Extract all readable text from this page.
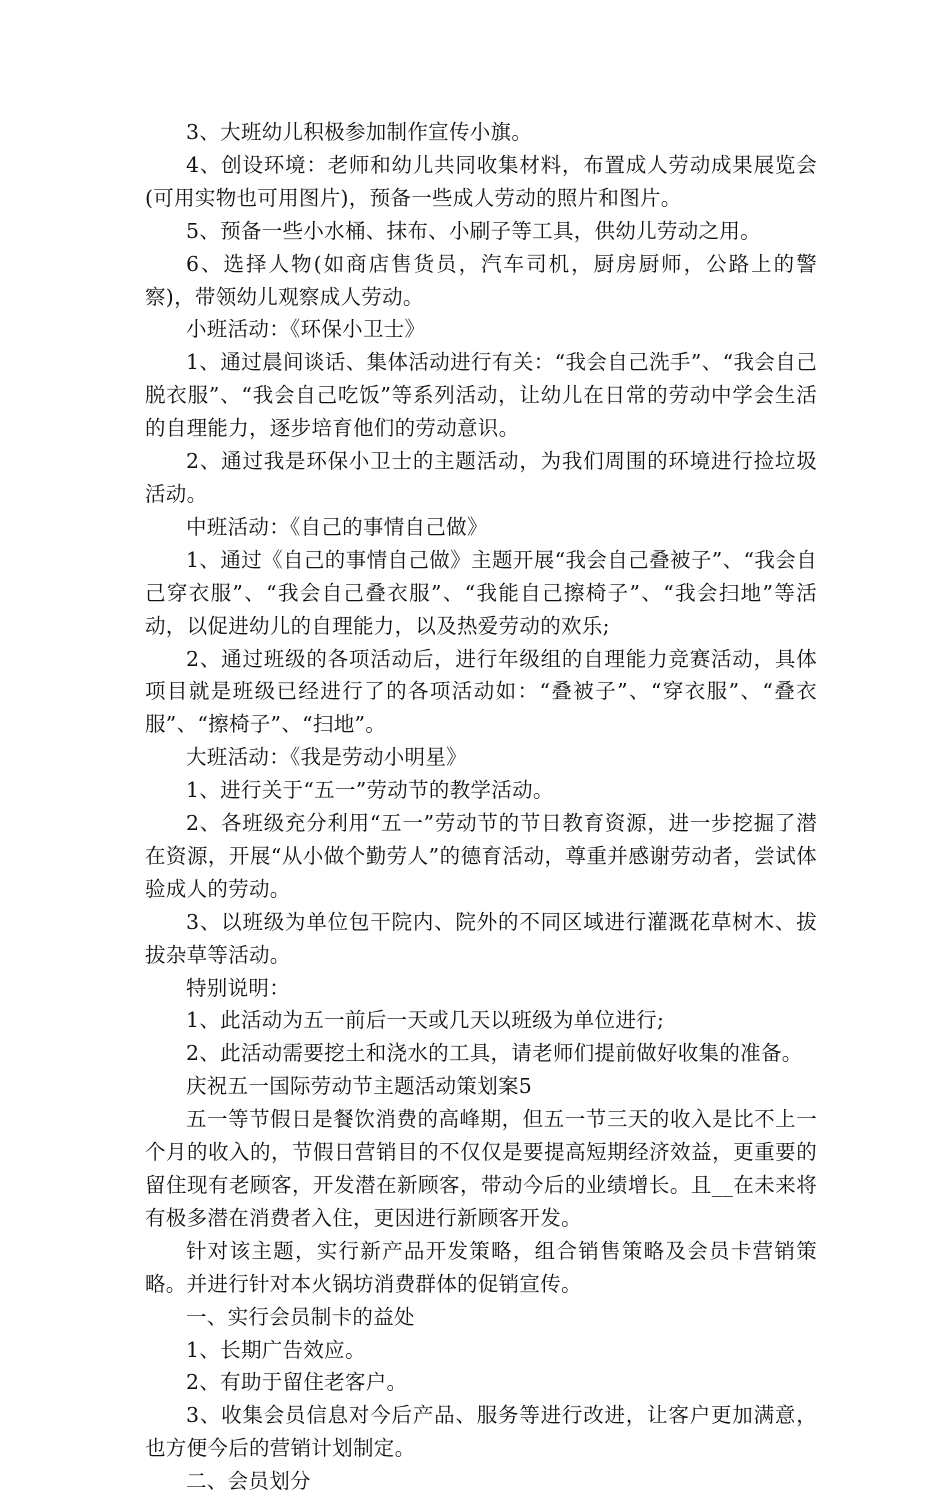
3、大班幼儿积极参加制作宣传小旗。

4、创设环境：老师和幼儿共同收集材料，布置成人劳动成果展览会(可用实物也可用图片)，预备一些成人劳动的照片和图片。

5、预备一些小水桶、抹布、小刷子等工具，供幼儿劳动之用。

6、选择人物(如商店售货员，汽车司机，厨房厨师，公路上的警察)，带领幼儿观察成人劳动。

小班活动：《环保小卫士》

1、通过晨间谈话、集体活动进行有关：“我会自己洗手”、“我会自己脱衣服”、“我会自己吃饭”等系列活动，让幼儿在日常的劳动中学会生活的自理能力，逐步培育他们的劳动意识。

2、通过我是环保小卫士的主题活动，为我们周围的环境进行捡垃圾活动。

中班活动：《自己的事情自己做》

1、通过《自己的事情自己做》主题开展“我会自己叠被子”、“我会自己穿衣服”、“我会自己叠衣服”、“我能自己擦椅子”、“我会扫地”等活动，以促进幼儿的自理能力，以及热爱劳动的欢乐;

2、通过班级的各项活动后，进行年级组的自理能力竞赛活动，具体项目就是班级已经进行了的各项活动如：“叠被子”、“穿衣服”、“叠衣服”、“擦椅子”、“扫地”。

大班活动：《我是劳动小明星》

1、进行关于“五一”劳动节的教学活动。

2、各班级充分利用“五一”劳动节的节日教育资源，进一步挖掘了潜在资源，开展“从小做个勤劳人”的德育活动，尊重并感谢劳动者，尝试体验成人的劳动。

3、以班级为单位包干院内、院外的不同区域进行灌溉花草树木、拔拔杂草等活动。

特别说明：

1、此活动为五一前后一天或几天以班级为单位进行;

2、此活动需要挖土和浇水的工具，请老师们提前做好收集的准备。

庆祝五一国际劳动节主题活动策划案5

五一等节假日是餐饮消费的高峰期，但五一节三天的收入是比不上一个月的收入的，节假日营销目的不仅仅是要提高短期经济效益，更重要的留住现有老顾客，开发潜在新顾客，带动今后的业绩增长。且__在未来将有极多潜在消费者入住，更因进行新顾客开发。

针对该主题，实行新产品开发策略，组合销售策略及会员卡营销策略。并进行针对本火锅坊消费群体的促销宣传。

一、实行会员制卡的益处

1、长期广告效应。

2、有助于留住老客户。

3、收集会员信息对今后产品、服务等进行改进，让客户更加满意，也方便今后的营销计划制定。

二、会员划分
